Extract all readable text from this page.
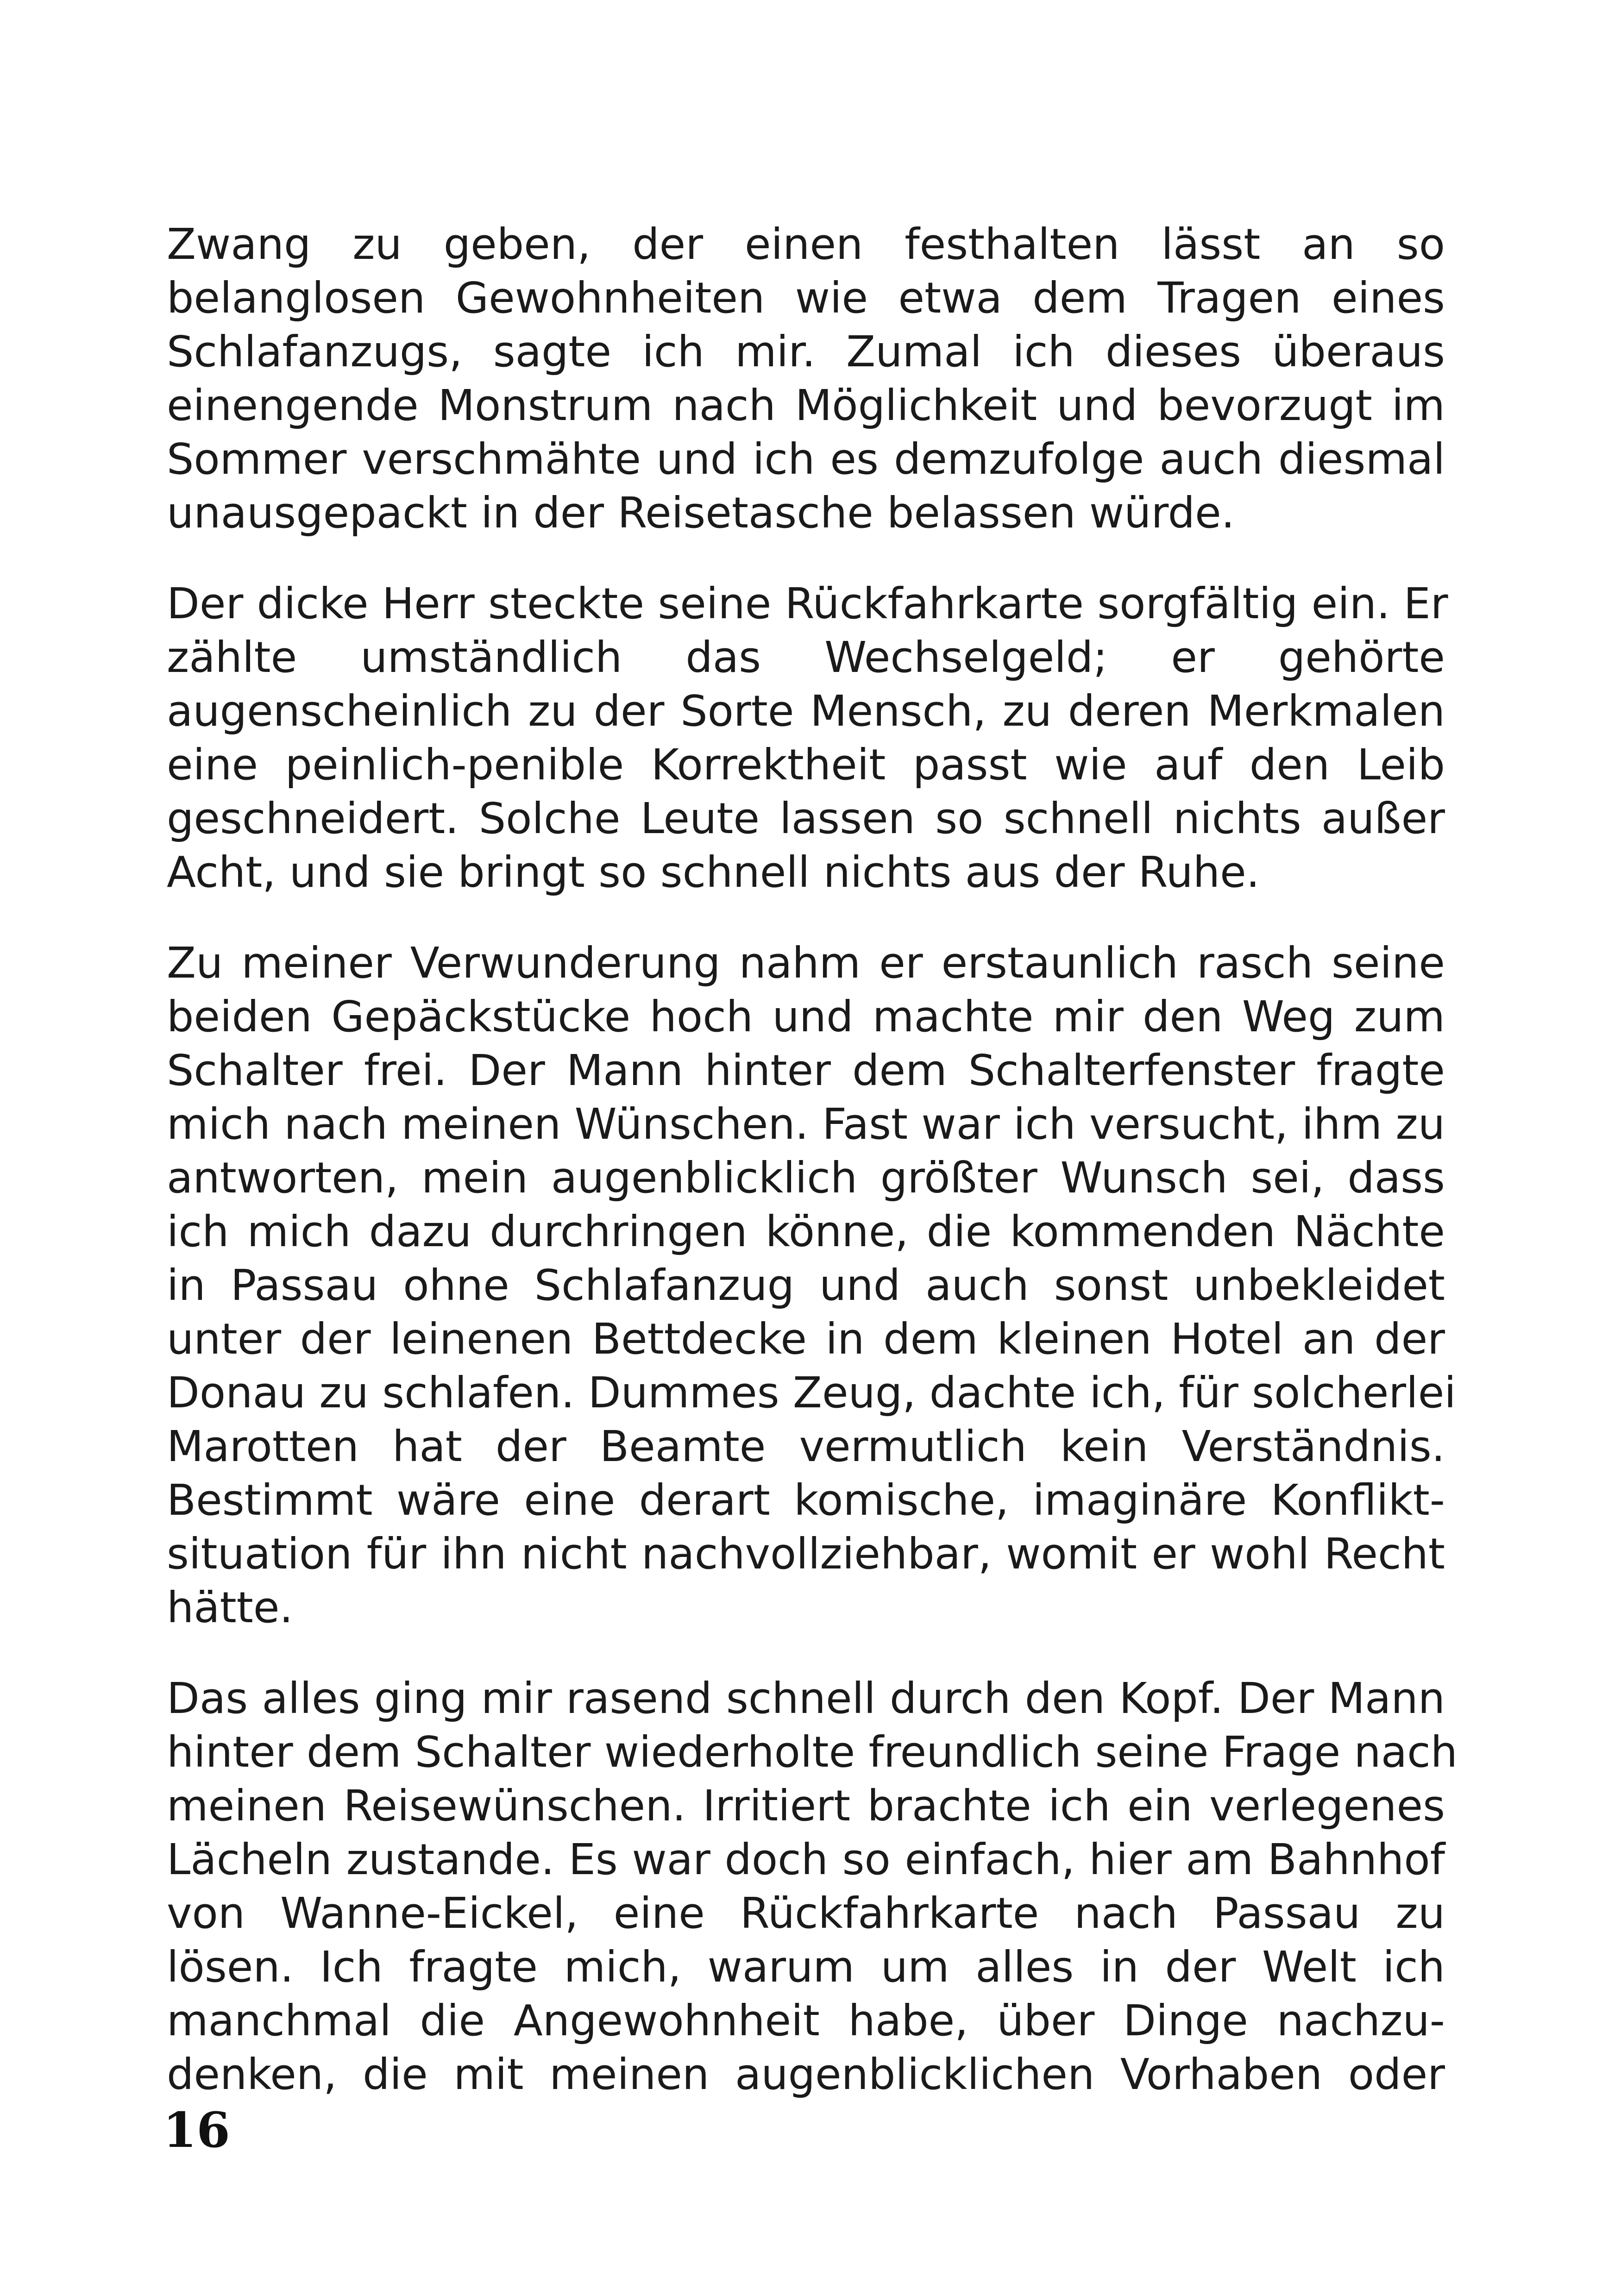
Zwang zu geben, der einen festhalten lässt an so
belanglosen Gewohnheiten wie etwa dem Tragen eines
Schlafanzugs, sagte ich mir. Zumal ich dieses überaus
einengende Monstrum nach Möglichkeit und bevorzugt im
Sommer verschmähte und ich es demzufolge auch diesmal
unausgepackt in der Reisetasche belassen würde.

Der dicke Herr steckte seine Rückfahrkarte sorgfältig ein. Er
zählte umständlich das Wechselgeld; er gehörte
augenscheinlich zu der Sorte Mensch, zu deren Merkmalen
eine peinlich-penible Korrektheit passt wie auf den Leib
geschneidert. Solche Leute lassen so schnell nichts außer
Acht, und sie bringt so schnell nichts aus der Ruhe.

Zu meiner Verwunderung nahm er erstaunlich rasch seine
beiden Gepäckstücke hoch und machte mir den Weg zum
Schalter frei. Der Mann hinter dem Schalterfenster fragte
mich nach meinen Wünschen. Fast war ich versucht, ihm zu
antworten, mein augenblicklich größter Wunsch sei, dass
ich mich dazu durchringen könne, die kommenden Nächte
in Passau ohne Schlafanzug und auch sonst unbekleidet
unter der leinenen Bettdecke in dem kleinen Hotel an der
Donau zu schlafen. Dummes Zeug, dachte ich, für solcherlei
Marotten hat der Beamte vermutlich kein Verständnis.
Bestimmt wäre eine derart komische, imaginäre Konflikt-
situation für ihn nicht nachvollziehbar, womit er wohl Recht
hätte.

Das alles ging mir rasend schnell durch den Kopf. Der Mann
hinter dem Schalter wiederholte freundlich seine Frage nach
meinen Reisewünschen. Irritiert brachte ich ein verlegenes
Lächeln zustande. Es war doch so einfach, hier am Bahnhof
von Wanne-Eickel, eine Rückfahrkarte nach Passau zu
lösen. Ich fragte mich, warum um alles in der Welt ich
manchmal die Angewohnheit habe, über Dinge nachzu-
denken, die mit meinen augenblicklichen Vorhaben oder

16
